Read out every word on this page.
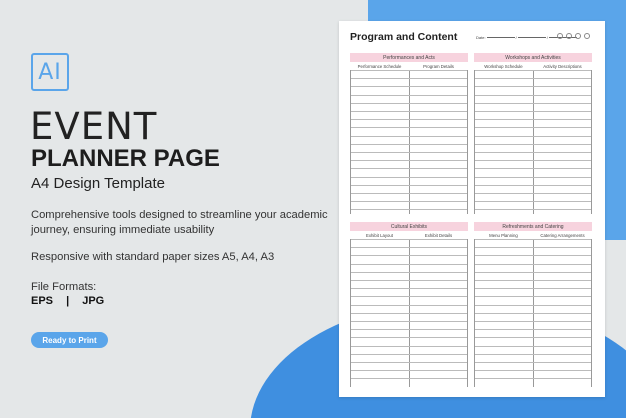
AI
EVENT
PLANNER PAGE
A4 Design Template
Comprehensive tools designed to streamline your academic journey, ensuring immediate usability
Responsive with standard paper sizes A5, A4, A3
File Formats:
EPS | JPG
Ready to Print
Program and Content	Date:	/	/
Performances and Acts
Performance Schedule	Program Details
Workshops and Activities
Workshop Schedule	Activity Descriptions
Cultural Exhibits
Exhibit Layout	Exhibit Details
Refreshments and Catering
Menu Planning	Catering Arrangements
